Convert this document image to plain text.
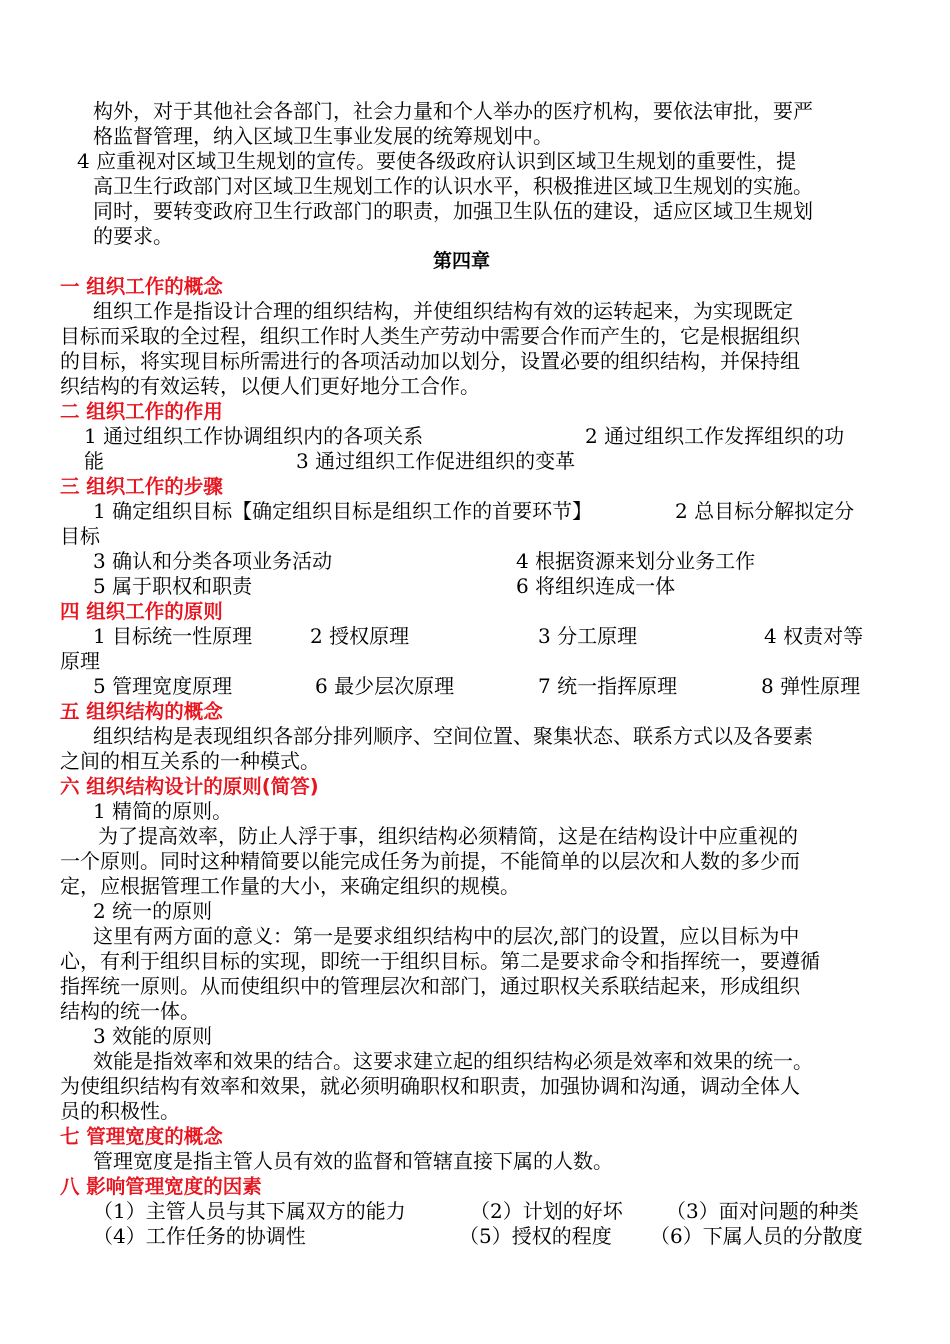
构外，对于其他社会各部门，社会力量和个人举办的医疗机构，要依法审批，要严
格监督管理，纳入区域卫生事业发展的统筹规划中。
4 应重视对区域卫生规划的宣传。要使各级政府认识到区域卫生规划的重要性，提
高卫生行政部门对区域卫生规划工作的认识水平，积极推进区域卫生规划的实施。
同时，要转变政府卫生行政部门的职责，加强卫生队伍的建设，适应区域卫生规划
的要求。
第四章
一 组织工作的概念
组织工作是指设计合理的组织结构，并使组织结构有效的运转起来，为实现既定
目标而采取的全过程，组织工作时人类生产劳动中需要合作而产生的，它是根据组织
的目标，将实现目标所需进行的各项活动加以划分，设置必要的组织结构，并保持组
织结构的有效运转，以便人们更好地分工合作。
二 组织工作的作用
1 通过组织工作协调组织内的各项关系	2 通过组织工作发挥组织的功
能	3 通过组织工作促进组织的变革
三 组织工作的步骤
1 确定组织目标【确定组织目标是组织工作的首要环节】	2 总目标分解拟定分
目标
3 确认和分类各项业务活动	4 根据资源来划分业务工作
5 属于职权和职责	6 将组织连成一体
四 组织工作的原则
1 目标统一性原理	2 授权原理	3 分工原理	4 权责对等
原理
5 管理宽度原理	6 最少层次原理	7 统一指挥原理	8 弹性原理
五 组织结构的概念
组织结构是表现组织各部分排列顺序、空间位置、聚集状态、联系方式以及各要素
之间的相互关系的一种模式。
六 组织结构设计的原则(简答)
1 精简的原则。
为了提高效率，防止人浮于事，组织结构必须精简，这是在结构设计中应重视的
一个原则。同时这种精简要以能完成任务为前提，不能简单的以层次和人数的多少而
定，应根据管理工作量的大小，来确定组织的规模。
2 统一的原则
这里有两方面的意义：第一是要求组织结构中的层次,部门的设置，应以目标为中
心，有利于组织目标的实现，即统一于组织目标。第二是要求命令和指挥统一，要遵循
指挥统一原则。从而使组织中的管理层次和部门，通过职权关系联结起来，形成组织
结构的统一体。
3 效能的原则
效能是指效率和效果的结合。这要求建立起的组织结构必须是效率和效果的统一。
为使组织结构有效率和效果，就必须明确职权和职责，加强协调和沟通，调动全体人
员的积极性。
七 管理宽度的概念
管理宽度是指主管人员有效的监督和管辖直接下属的人数。
八 影响管理宽度的因素
（1）主管人员与其下属双方的能力	（2）计划的好坏 （3）面对问题的种类
（4）工作任务的协调性	（5）授权的程度 （6）下属人员的分散度
